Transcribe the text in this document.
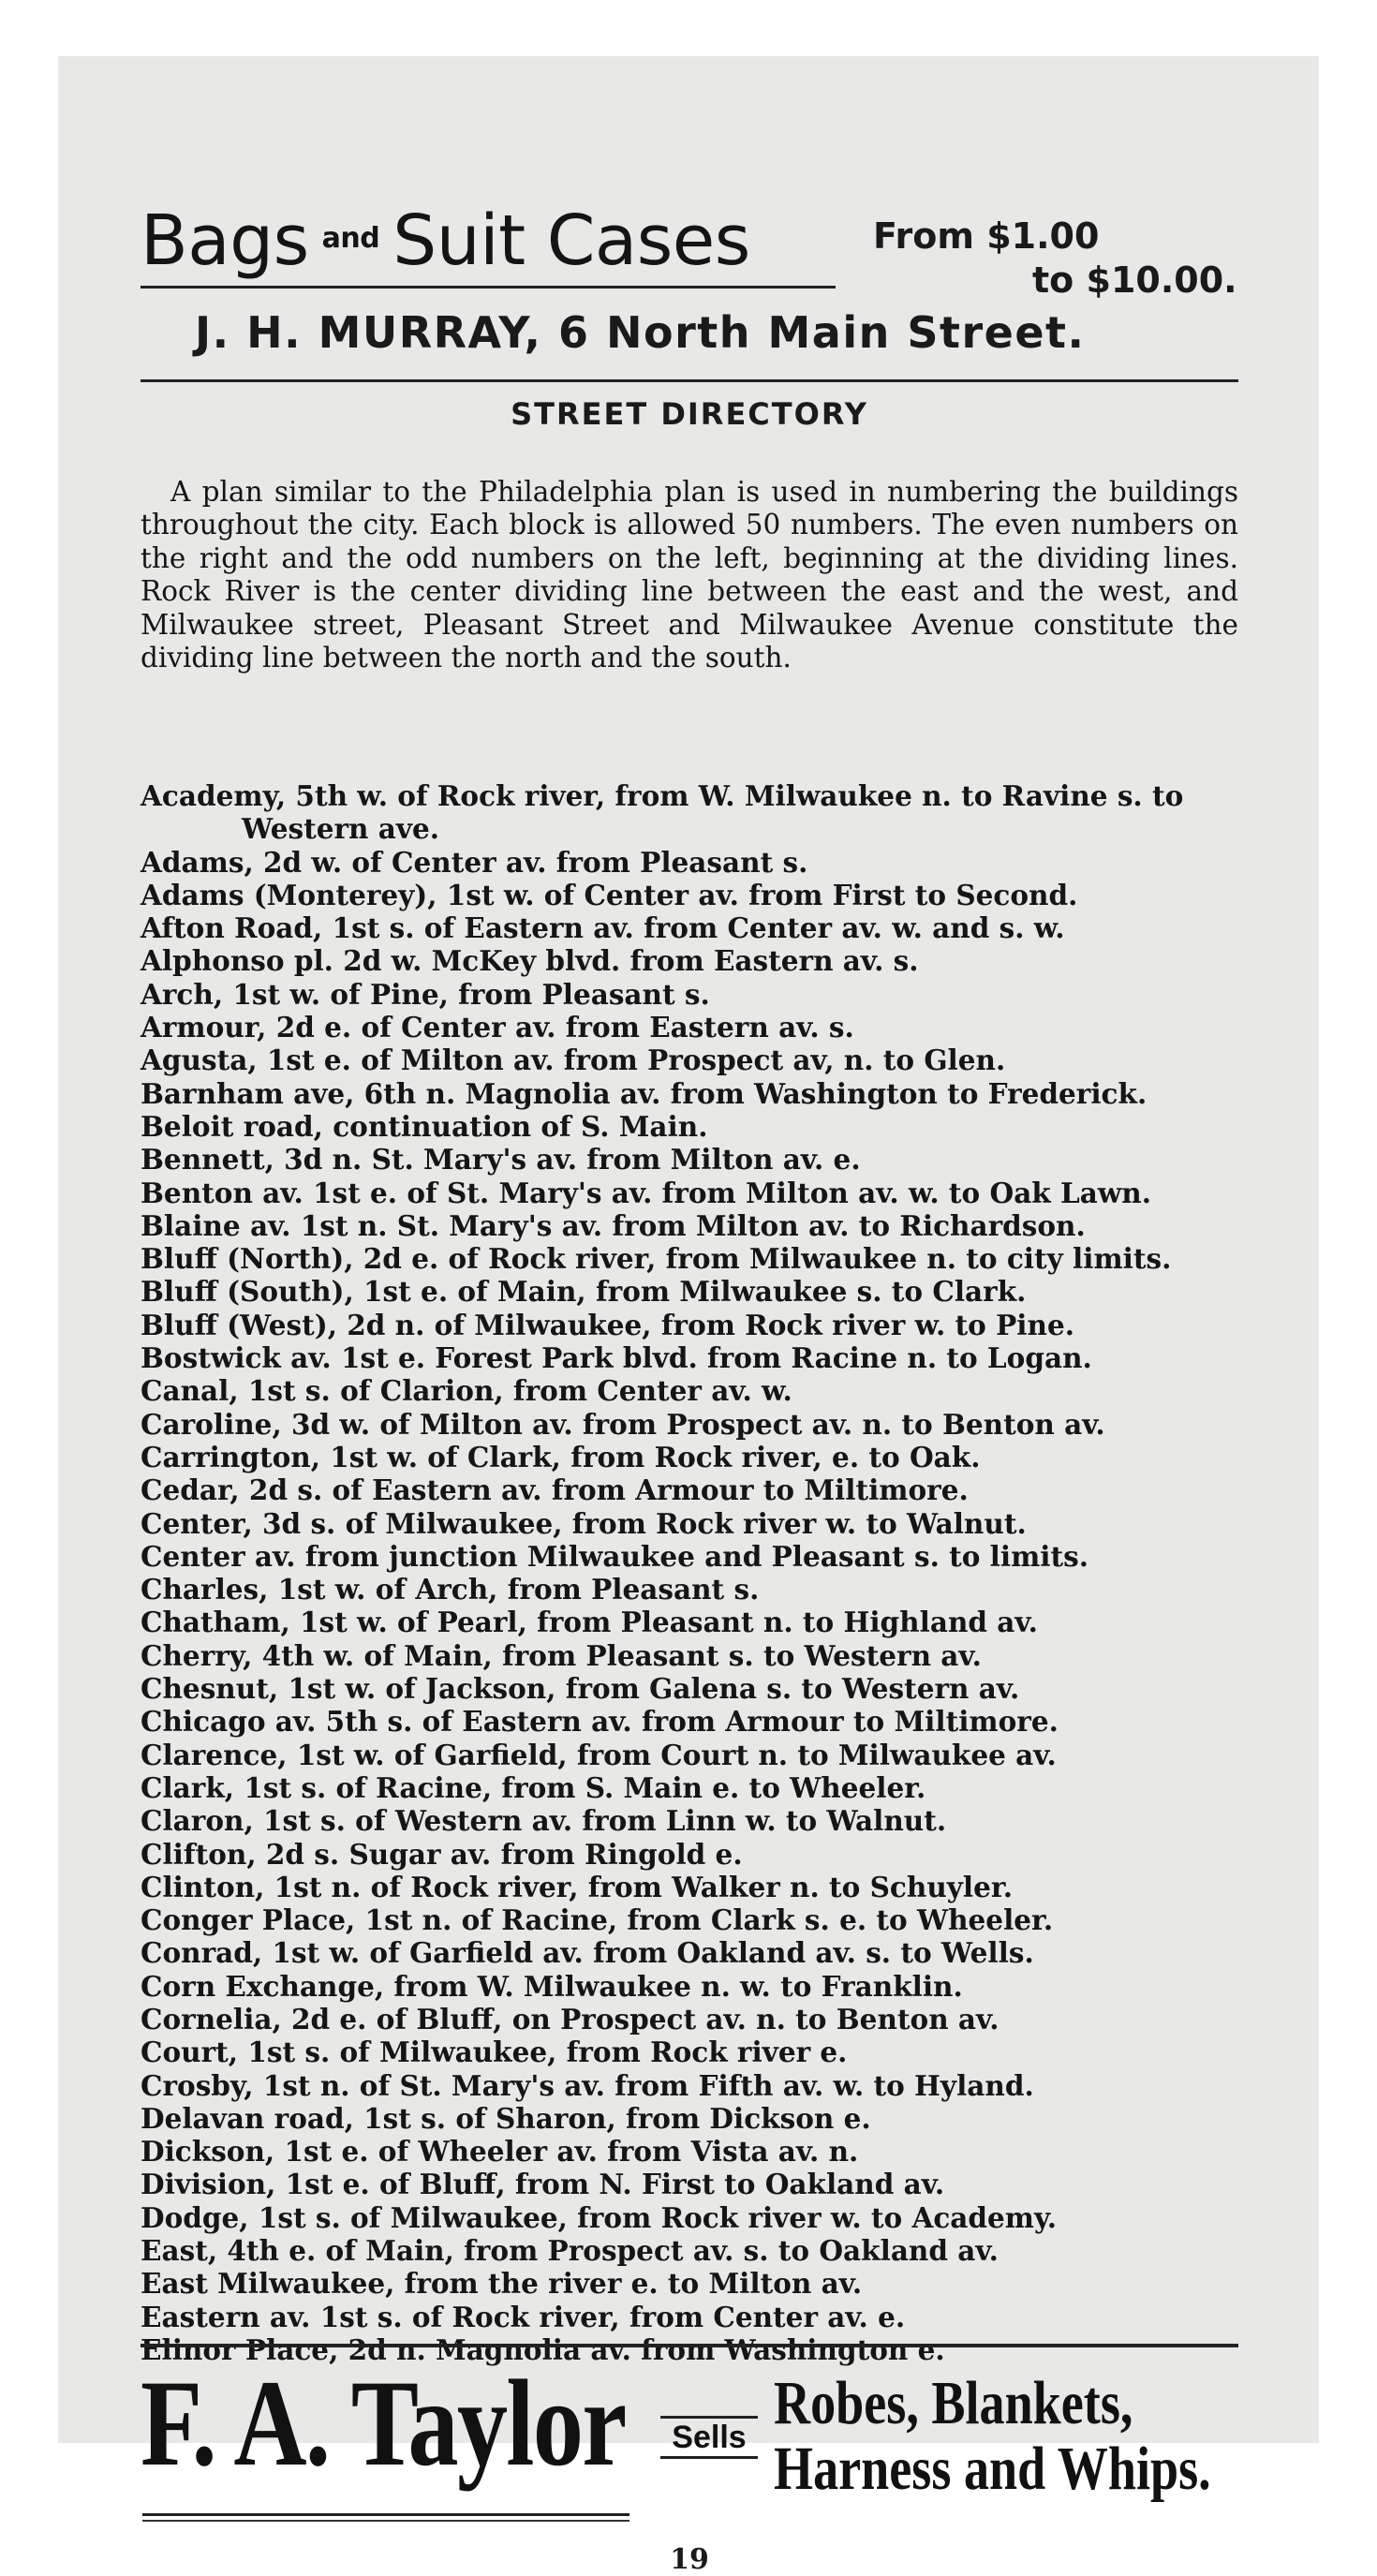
Bags $^{and}$ Suit Cases	From $1.00
to $10.00.
J. H. MURRAY, 6 North Main Street.
STREET DIRECTORY

A plan similar to the Philadelphia plan is used in numbering the buildings throughout the city. Each block is allowed 50 numbers. The even numbers on the right and the odd numbers on the left, beginning at the dividing lines. Rock River is the center dividing line between the east and the west, and Milwaukee street, Pleasant Street and Milwaukee Avenue constitute the dividing line between the north and the south.

Academy, 5th w. of Rock river, from W. Milwaukee n. to Ravine s. to Western ave.
Adams, 2d w. of Center av. from Pleasant s.
Adams (Monterey), 1st w. of Center av. from First to Second.
Afton Road, 1st s. of Eastern av. from Center av. w. and s. w.
Alphonso pl. 2d w. McKey blvd. from Eastern av. s.
Arch, 1st w. of Pine, from Pleasant s.
Armour, 2d e. of Center av. from Eastern av. s.
Agusta, 1st e. of Milton av. from Prospect av, n. to Glen.
Barnham ave, 6th n. Magnolia av. from Washington to Frederick.
Beloit road, continuation of S. Main.
Bennett, 3d n. St. Mary's av. from Milton av. e.
Benton av. 1st e. of St. Mary's av. from Milton av. w. to Oak Lawn.
Blaine av. 1st n. St. Mary's av. from Milton av. to Richardson.
Bluff (North), 2d e. of Rock river, from Milwaukee n. to city limits.
Bluff (South), 1st e. of Main, from Milwaukee s. to Clark.
Bluff (West), 2d n. of Milwaukee, from Rock river w. to Pine.
Bostwick av. 1st e. Forest Park blvd. from Racine n. to Logan.
Canal, 1st s. of Clarion, from Center av. w.
Caroline, 3d w. of Milton av. from Prospect av. n. to Benton av.
Carrington, 1st w. of Clark, from Rock river, e. to Oak.
Cedar, 2d s. of Eastern av. from Armour to Miltimore.
Center, 3d s. of Milwaukee, from Rock river w. to Walnut.
Center av. from junction Milwaukee and Pleasant s. to limits.
Charles, 1st w. of Arch, from Pleasant s.
Chatham, 1st w. of Pearl, from Pleasant n. to Highland av.
Cherry, 4th w. of Main, from Pleasant s. to Western av.
Chesnut, 1st w. of Jackson, from Galena s. to Western av.
Chicago av. 5th s. of Eastern av. from Armour to Miltimore.
Clarence, 1st w. of Garfield, from Court n. to Milwaukee av.
Clark, 1st s. of Racine, from S. Main e. to Wheeler.
Claron, 1st s. of Western av. from Linn w. to Walnut.
Clifton, 2d s. Sugar av. from Ringold e.
Clinton, 1st n. of Rock river, from Walker n. to Schuyler.
Conger Place, 1st n. of Racine, from Clark s. e. to Wheeler.
Conrad, 1st w. of Garfield av. from Oakland av. s. to Wells.
Corn Exchange, from W. Milwaukee n. w. to Franklin.
Cornelia, 2d e. of Bluff, on Prospect av. n. to Benton av.
Court, 1st s. of Milwaukee, from Rock river e.
Crosby, 1st n. of St. Mary's av. from Fifth av. w. to Hyland.
Delavan road, 1st s. of Sharon, from Dickson e.
Dickson, 1st e. of Wheeler av. from Vista av. n.
Division, 1st e. of Bluff, from N. First to Oakland av.
Dodge, 1st s. of Milwaukee, from Rock river w. to Academy.
East, 4th e. of Main, from Prospect av. s. to Oakland av.
East Milwaukee, from the river e. to Milton av.
Eastern av. 1st s. of Rock river, from Center av. e.
Elinor Place, 2d n. Magnolia av. from Washington e.
F. A. Taylor Sells Robes, Blankets,
Harness and Whips.
19
